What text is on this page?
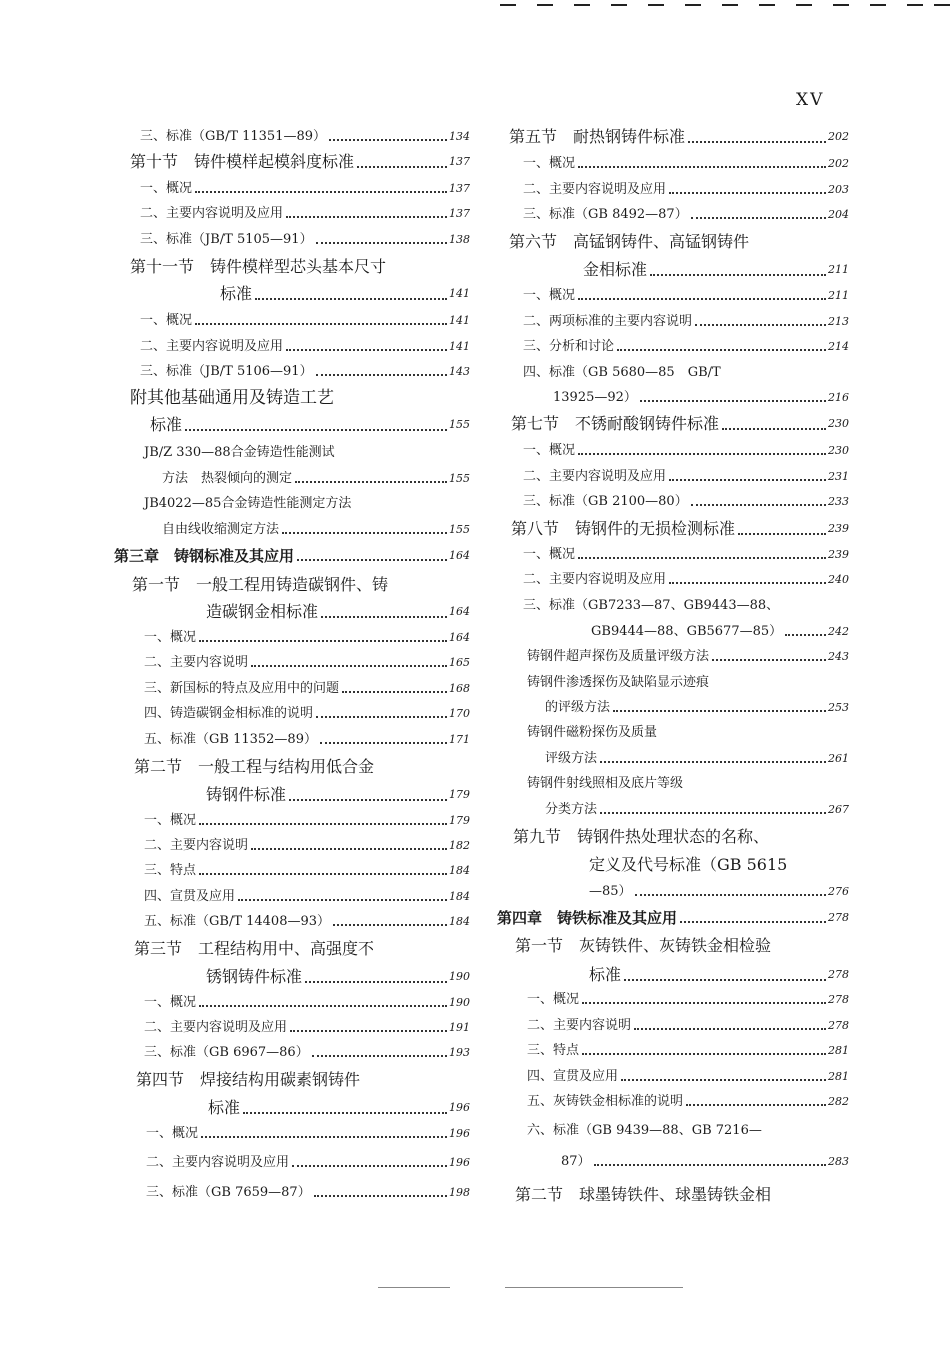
XV
三、标准（GB/T 11351—89）	134
第十节　铸件模样起模斜度标准	137
一、概况	137
二、主要内容说明及应用	137
三、标准（JB/T 5105—91）	138
第十一节　铸件模样型芯头基本尺寸
标准	141
一、概况	141
二、主要内容说明及应用	141
三、标准（JB/T 5106—91）	143
附其他基础通用及铸造工艺
标准	155
JB/Z 330—88合金铸造性能测试
方法　热裂倾向的测定	155
JB4022—85合金铸造性能测定方法
自由线收缩测定方法	155
第三章　铸钢标准及其应用	164
第一节　一般工程用铸造碳钢件、铸
造碳钢金相标准	164
一、概况	164
二、主要内容说明	165
三、新国标的特点及应用中的问题	168
四、铸造碳钢金相标准的说明	170
五、标准（GB 11352—89）	171
第二节　一般工程与结构用低合金
铸钢件标准	179
一、概况	179
二、主要内容说明	182
三、特点	184
四、宣贯及应用	184
五、标准（GB/T 14408—93）	184
第三节　工程结构用中、高强度不
锈钢铸件标准	190
一、概况	190
二、主要内容说明及应用	191
三、标准（GB 6967—86）	193
第四节　焊接结构用碳素钢铸件
标准	196
一、概况	196
二、主要内容说明及应用	196
三、标准（GB 7659—87）	198
第五节　耐热钢铸件标准	202
一、概况	202
二、主要内容说明及应用	203
三、标准（GB 8492—87）	204
第六节　高锰钢铸件、高锰钢铸件
金相标准	211
一、概况	211
二、两项标准的主要内容说明	213
三、分析和讨论	214
四、标准（GB 5680—85　GB/T
13925—92）	216
第七节　不锈耐酸钢铸件标准	230
一、概况	230
二、主要内容说明及应用	231
三、标准（GB 2100—80）	233
第八节　铸钢件的无损检测标准	239
一、概况	239
二、主要内容说明及应用	240
三、标准（GB7233—87、GB9443—88、
GB9444—88、GB5677—85）	242
铸钢件超声探伤及质量评级方法	243
铸钢件渗透探伤及缺陷显示迹痕
的评级方法	253
铸钢件磁粉探伤及质量
评级方法	261
铸钢件射线照相及底片等级
分类方法	267
第九节　铸钢件热处理状态的名称、
定义及代号标准（GB 5615
—85）	276
第四章　铸铁标准及其应用	278
第一节　灰铸铁件、灰铸铁金相检验
标准	278
一、概况	278
二、主要内容说明	278
三、特点	281
四、宣贯及应用	281
五、灰铸铁金相标准的说明	282
六、标准（GB 9439—88、GB 7216—
87）	283
第二节　球墨铸铁件、球墨铸铁金相
